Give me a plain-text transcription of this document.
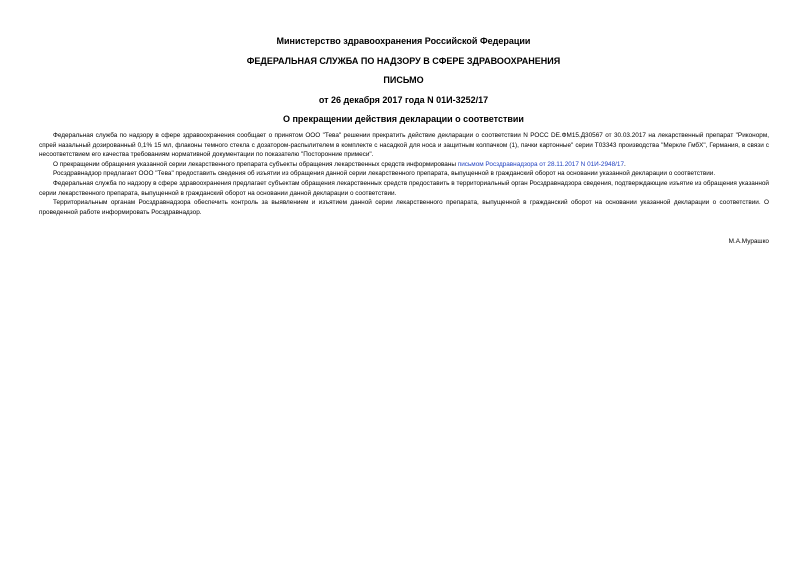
Министерство здравоохранения Российской Федерации
ФЕДЕРАЛЬНАЯ СЛУЖБА ПО НАДЗОРУ В СФЕРЕ ЗДРАВООХРАНЕНИЯ
ПИСЬМО
от 26 декабря 2017 года N 01И-3252/17
О прекращении действия декларации о соответствии

Федеральная служба по надзору в сфере здравоохранения сообщает о принятом ООО "Тева" решении прекратить действие декларации о соответствии N РОСС DE.ФМ15.Д30567 от 30.03.2017 на лекарственный препарат "Риконорм, спрей назальный дозированный 0,1% 15 мл, флаконы темного стекла с дозатором-распылителем в комплекте с насадкой для носа и защитным колпачком (1), пачки картонные" серии Т03343 производства "Меркле ГмбХ", Германия, в связи с несоответствием его качества требованиям нормативной документации по показателю "Посторонние примеси".

О прекращении обращения указанной серии лекарственного препарата субъекты обращения лекарственных средств информированы письмом Росздравнадзора от 28.11.2017 N 01И-2948/17.

Росздравнадзор предлагает ООО "Тева" предоставить сведения об изъятии из обращения данной серии лекарственного препарата, выпущенной в гражданский оборот на основании указанной декларации о соответствии.

Федеральная служба по надзору в сфере здравоохранения предлагает субъектам обращения лекарственных средств предоставить в территориальный орган Росздравнадзора сведения, подтверждающие изъятие из обращения указанной серии лекарственного препарата, выпущенной в гражданский оборот на основании данной декларации о соответствии.

Территориальным органам Росздравнадзора обеспечить контроль за выявлением и изъятием данной серии лекарственного препарата, выпущенной в гражданский оборот на основании указанной декларации о соответствии. О проведенной работе информировать Росздравнадзор.

М.А.Мурашко
